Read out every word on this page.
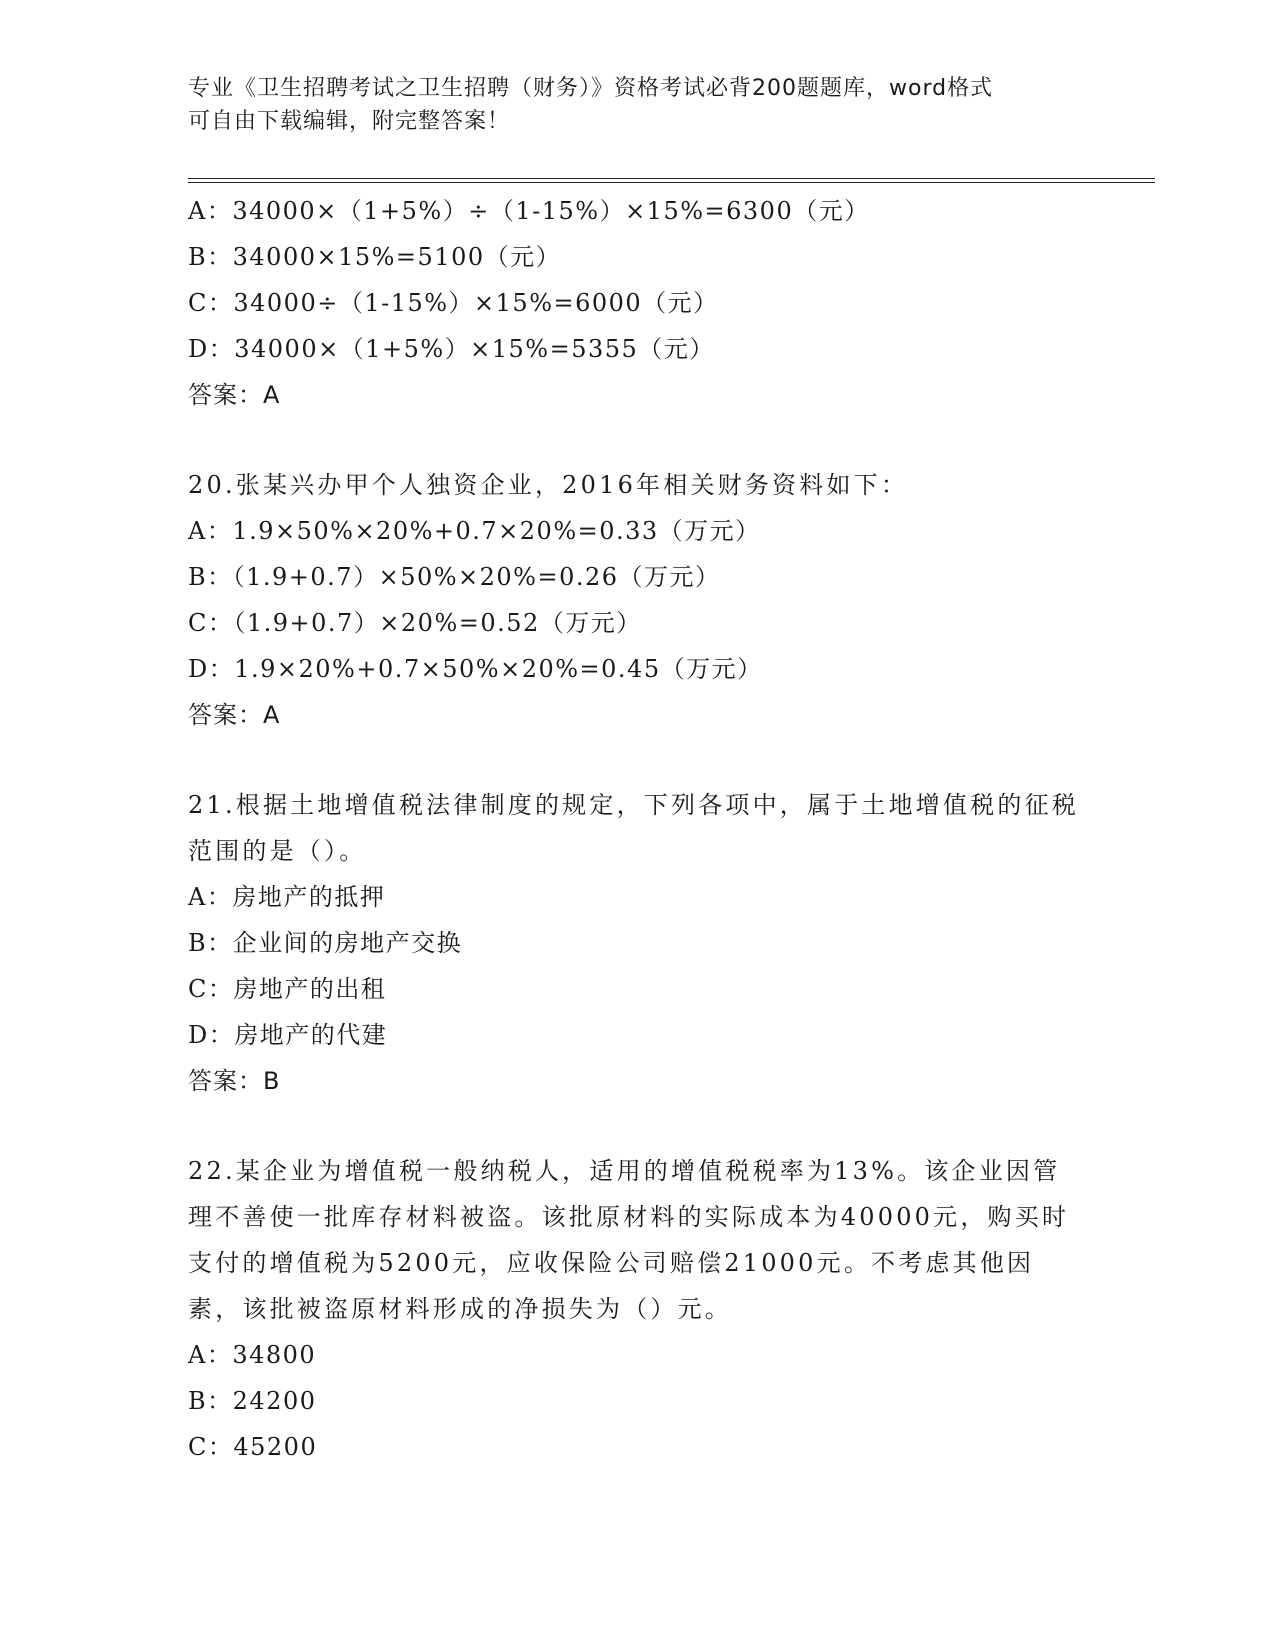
专业《卫生招聘考试之卫生招聘（财务）》资格考试必背200题题库，word格式
可自由下载编辑，附完整答案！
A：34000×（1+5%）÷（1-15%）×15%=6300（元）
B：34000×15%=5100（元）
C：34000÷（1-15%）×15%=6000（元）
D：34000×（1+5%）×15%=5355（元）
答案：A
20.张某兴办甲个人独资企业，2016年相关财务资料如下：
A：1.9×50%×20%+0.7×20%=0.33（万元）
B：（1.9+0.7）×50%×20%=0.26（万元）
C：（1.9+0.7）×20%=0.52（万元）
D：1.9×20%+0.7×50%×20%=0.45（万元）
答案：A
21.根据土地增值税法律制度的规定，下列各项中，属于土地增值税的征税范围的是（）。
A：房地产的抵押
B：企业间的房地产交换
C：房地产的出租
D：房地产的代建
答案：B
22.某企业为增值税一般纳税人，适用的增值税税率为13%。该企业因管理不善使一批库存材料被盗。该批原材料的实际成本为40000元，购买时支付的增值税为5200元，应收保险公司赔偿21000元。不考虑其他因素，该批被盗原材料形成的净损失为（）元。
A：34800
B：24200
C：45200
